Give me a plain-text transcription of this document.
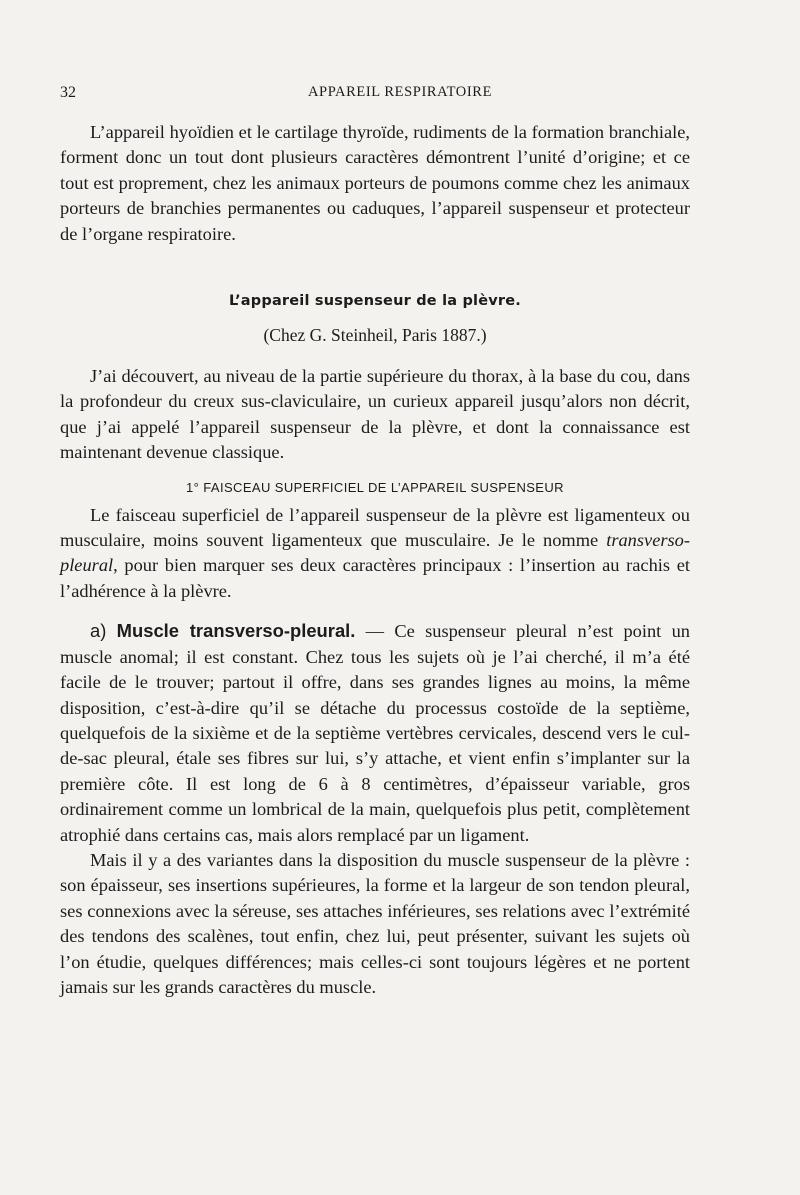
32	APPAREIL RESPIRATOIRE

L’appareil hyoïdien et le cartilage thyroïde, rudiments de la formation branchiale, forment donc un tout dont plusieurs caractères démontrent l’unité d’origine; et ce tout est proprement, chez les animaux porteurs de poumons comme chez les animaux porteurs de branchies permanentes ou caduques, l’appareil suspenseur et protecteur de l’organe respiratoire.

L’appareil suspenseur de la plèvre.
(Chez G. Steinheil, Paris 1887.)

J’ai découvert, au niveau de la partie supérieure du thorax, à la base du cou, dans la profondeur du creux sus-claviculaire, un curieux appareil jusqu’alors non décrit, que j’ai appelé l’appareil suspenseur de la plèvre, et dont la connaissance est maintenant devenue classique.

1° FAISCEAU SUPERFICIEL DE L’APPAREIL SUSPENSEUR

Le faisceau superficiel de l’appareil suspenseur de la plèvre est ligamenteux ou musculaire, moins souvent ligamenteux que musculaire. Je le nomme transverso-pleural, pour bien marquer ses deux caractères principaux : l’insertion au rachis et l’adhérence à la plèvre.

a) Muscle transverso-pleural. — Ce suspenseur pleural n’est point un muscle anomal; il est constant. Chez tous les sujets où je l’ai cherché, il m’a été facile de le trouver; partout il offre, dans ses grandes lignes au moins, la même disposition, c’est-à-dire qu’il se détache du processus costoïde de la septième, quelquefois de la sixième et de la septième vertèbres cervicales, descend vers le cul-de-sac pleural, étale ses fibres sur lui, s’y attache, et vient enfin s’implanter sur la première côte. Il est long de 6 à 8 centimètres, d’épaisseur variable, gros ordinairement comme un lombrical de la main, quelquefois plus petit, complètement atrophié dans certains cas, mais alors remplacé par un ligament.

Mais il y a des variantes dans la disposition du muscle suspenseur de la plèvre : son épaisseur, ses insertions supérieures, la forme et la largeur de son tendon pleural, ses connexions avec la séreuse, ses attaches inférieures, ses relations avec l’extrémité des tendons des scalènes, tout enfin, chez lui, peut présenter, suivant les sujets où l’on étudie, quelques différences; mais celles-ci sont toujours légères et ne portent jamais sur les grands caractères du muscle.
